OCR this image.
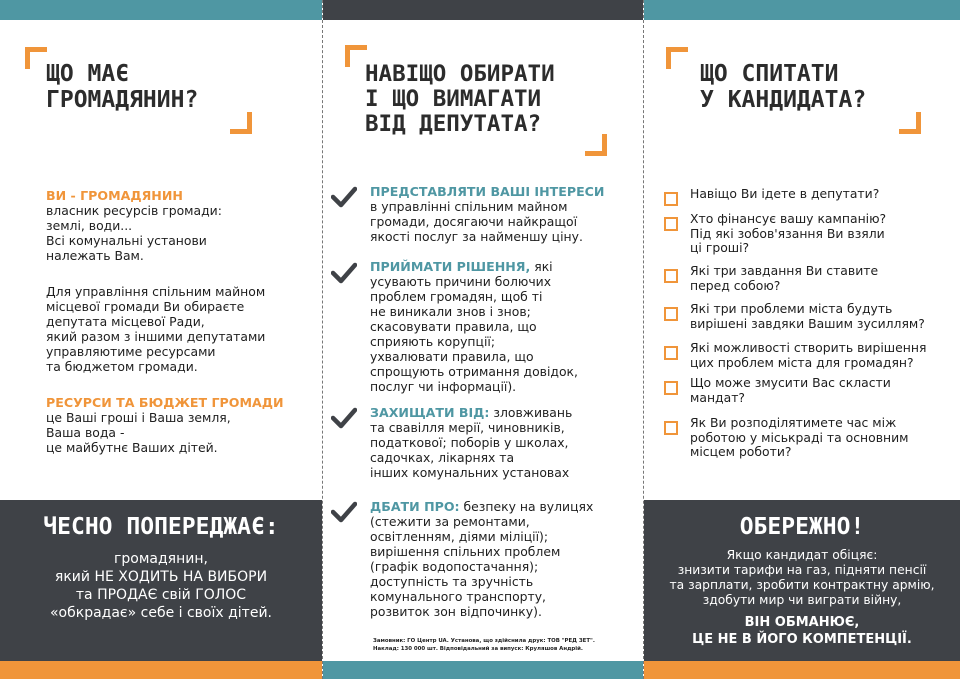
ЩО МАЄ
ГРОМАДЯНИН?
ВИ - ГРОМАДЯНИН
власник ресурсів громади:
землі, води...
Всі комунальні установи
належать Вам.
Для управління спільним майном
місцевої громади Ви обираєте
депутата місцевої Ради,
який разом з іншими депутатами
управляютиме ресурсами
та бюджетом громади.
РЕСУРСИ ТА БЮДЖЕТ ГРОМАДИ
це Ваші гроші і Ваша земля,
Ваша вода -
це майбутнє Ваших дітей.
ЧЕСНО ПОПЕРЕДЖАЄ:
громадянин,
який НЕ ХОДИТЬ НА ВИБОРИ
та ПРОДАЄ свій ГОЛОС
«обкрадає» себе і своїх дітей.
НАВІЩО ОБИРАТИ
І ЩО ВИМАГАТИ
ВІД ДЕПУТАТА?
ПРЕДСТАВЛЯТИ ВАШІ ІНТЕРЕСИ
в управлінні спільним майном
громади, досягаючи найкращої
якості послуг за найменшу ціну.
ПРИЙМАТИ РІШЕННЯ, які
усувають причини болючих
проблем громадян, щоб ті
не виникали знов і знов;
скасовувати правила, що
сприяють корупції;
ухвалювати правила, що
спрощують отримання довідок,
послуг чи інформації).
ЗАХИЩАТИ ВІД: зловживань
та свавілля мерії, чиновників,
податкової; поборів у школах,
садочках, лікарнях та
інших комунальних установах
ДБАТИ ПРО: безпеку на вулицях
(стежити за ремонтами,
освітленням, діями міліції);
вирішення спільних проблем
(графік водопостачання);
доступність та зручність
комунального транспорту,
розвиток зон відпочинку).
Замовник: ГО Центр UA. Установа, що здійснила друк: ТОВ "РЕД ЗЕТ".
Наклад: 130 000 шт. Відповідальний за випуск: Круляшов Андрій.
ЩО СПИТАТИ
У КАНДИДАТА?
Навіщо Ви ідете в депутати?
Хто фінансує вашу кампанію?
Під які зобов'язання Ви взяли
ці гроші?
Які три завдання Ви ставите
перед собою?
Які три проблеми міста будуть
вирішені завдяки Вашим зусиллям?
Які можливості створить вирішення
цих проблем міста для громадян?
Що може змусити Вас скласти
мандат?
Як Ви розподілятимете час між
роботою у міськраді та основним
місцем роботи?
ОБЕРЕЖНО!
Якщо кандидат обіцяє:
знизити тарифи на газ, підняти пенсії
та зарплати, зробити контрактну армію,
здобути мир чи виграти війну,
ВІН ОБМАНЮЄ,
ЦЕ НЕ В ЙОГО КОМПЕТЕНЦІЇ.
